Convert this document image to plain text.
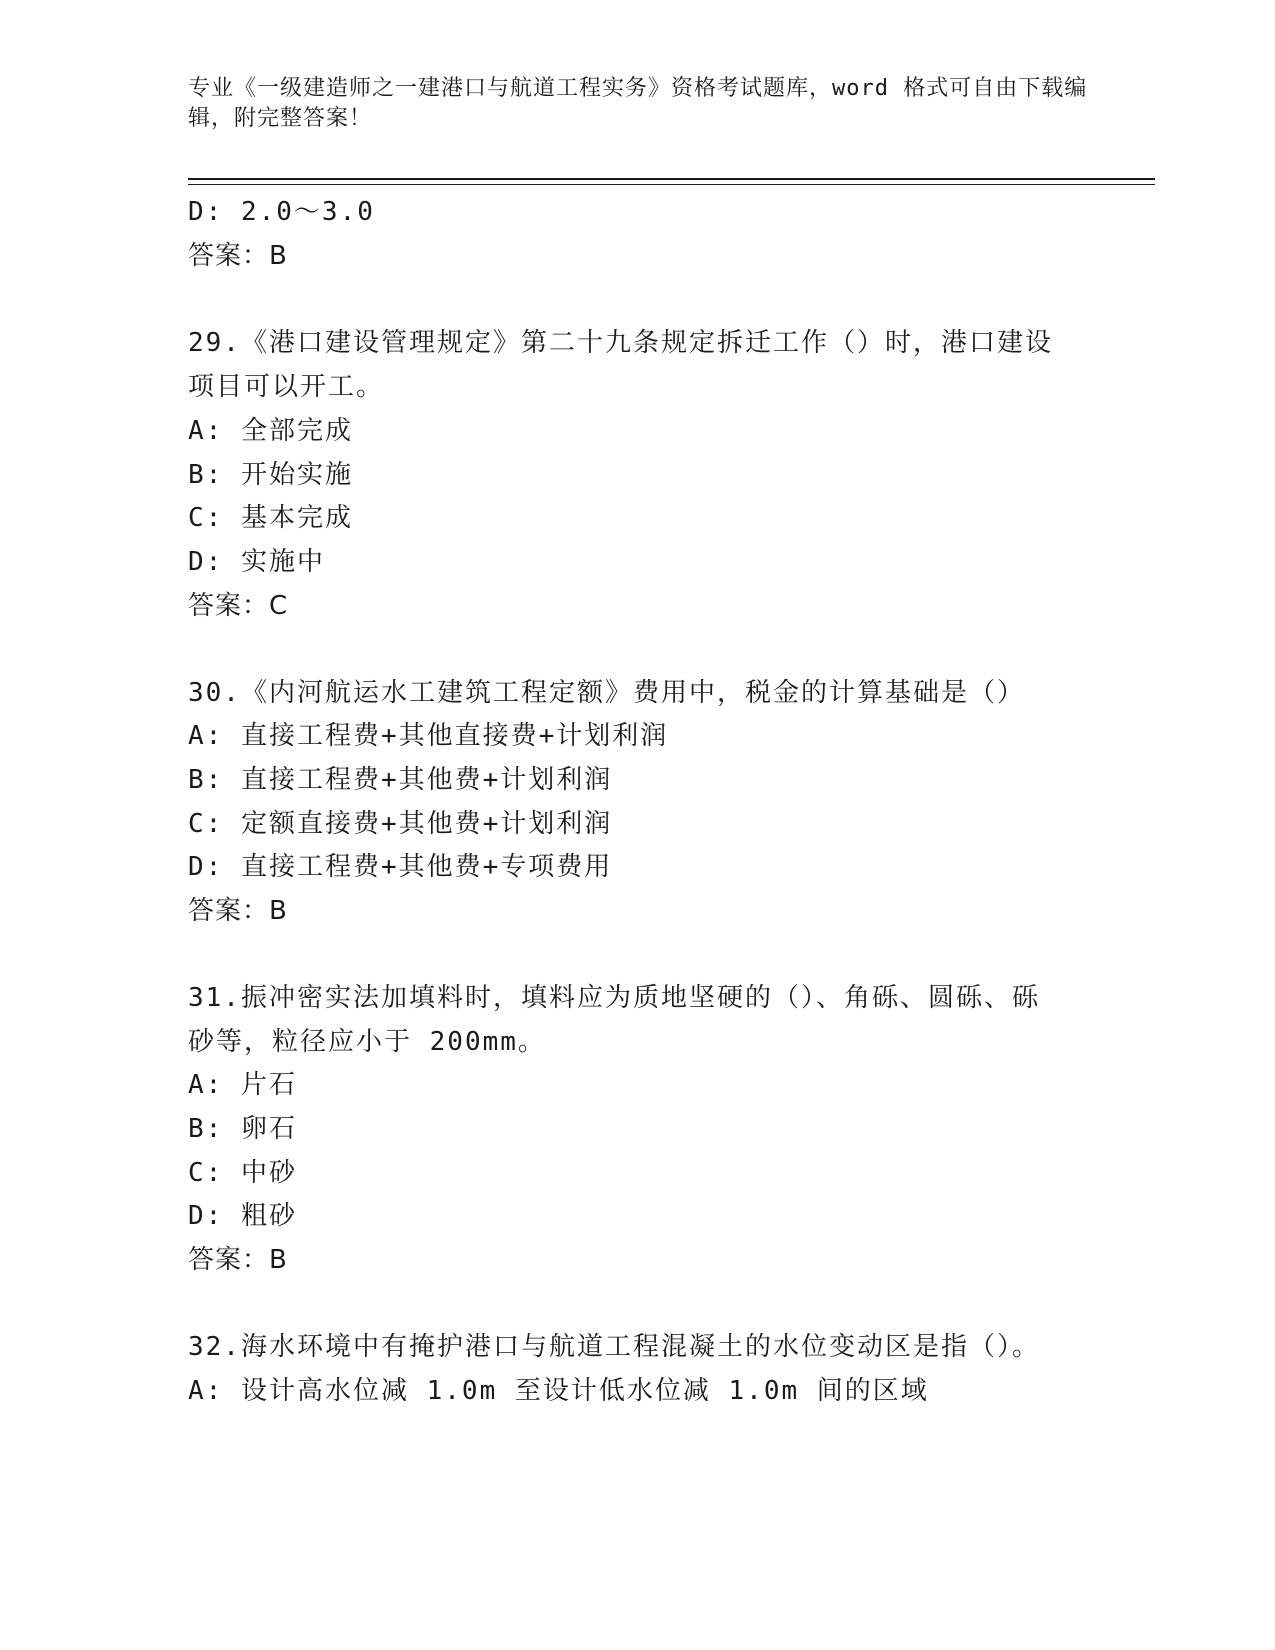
专业《一级建造师之一建港口与航道工程实务》资格考试题库，word 格式可自由下载编辑，附完整答案！
D: 2.0～3.0
答案：B
29.《港口建设管理规定》第二十九条规定拆迁工作（）时，港口建设
项目可以开工。
A: 全部完成
B: 开始实施
C: 基本完成
D: 实施中
答案：C
30.《内河航运水工建筑工程定额》费用中，税金的计算基础是（）
A: 直接工程费+其他直接费+计划利润
B: 直接工程费+其他费+计划利润
C: 定额直接费+其他费+计划利润
D: 直接工程费+其他费+专项费用
答案：B
31.振冲密实法加填料时，填料应为质地坚硬的（）、角砾、圆砾、砾
砂等，粒径应小于 200mm。
A: 片石
B: 卵石
C: 中砂
D: 粗砂
答案：B
32.海水环境中有掩护港口与航道工程混凝土的水位变动区是指（）。
A: 设计高水位减 1.0m 至设计低水位减 1.0m 间的区域
